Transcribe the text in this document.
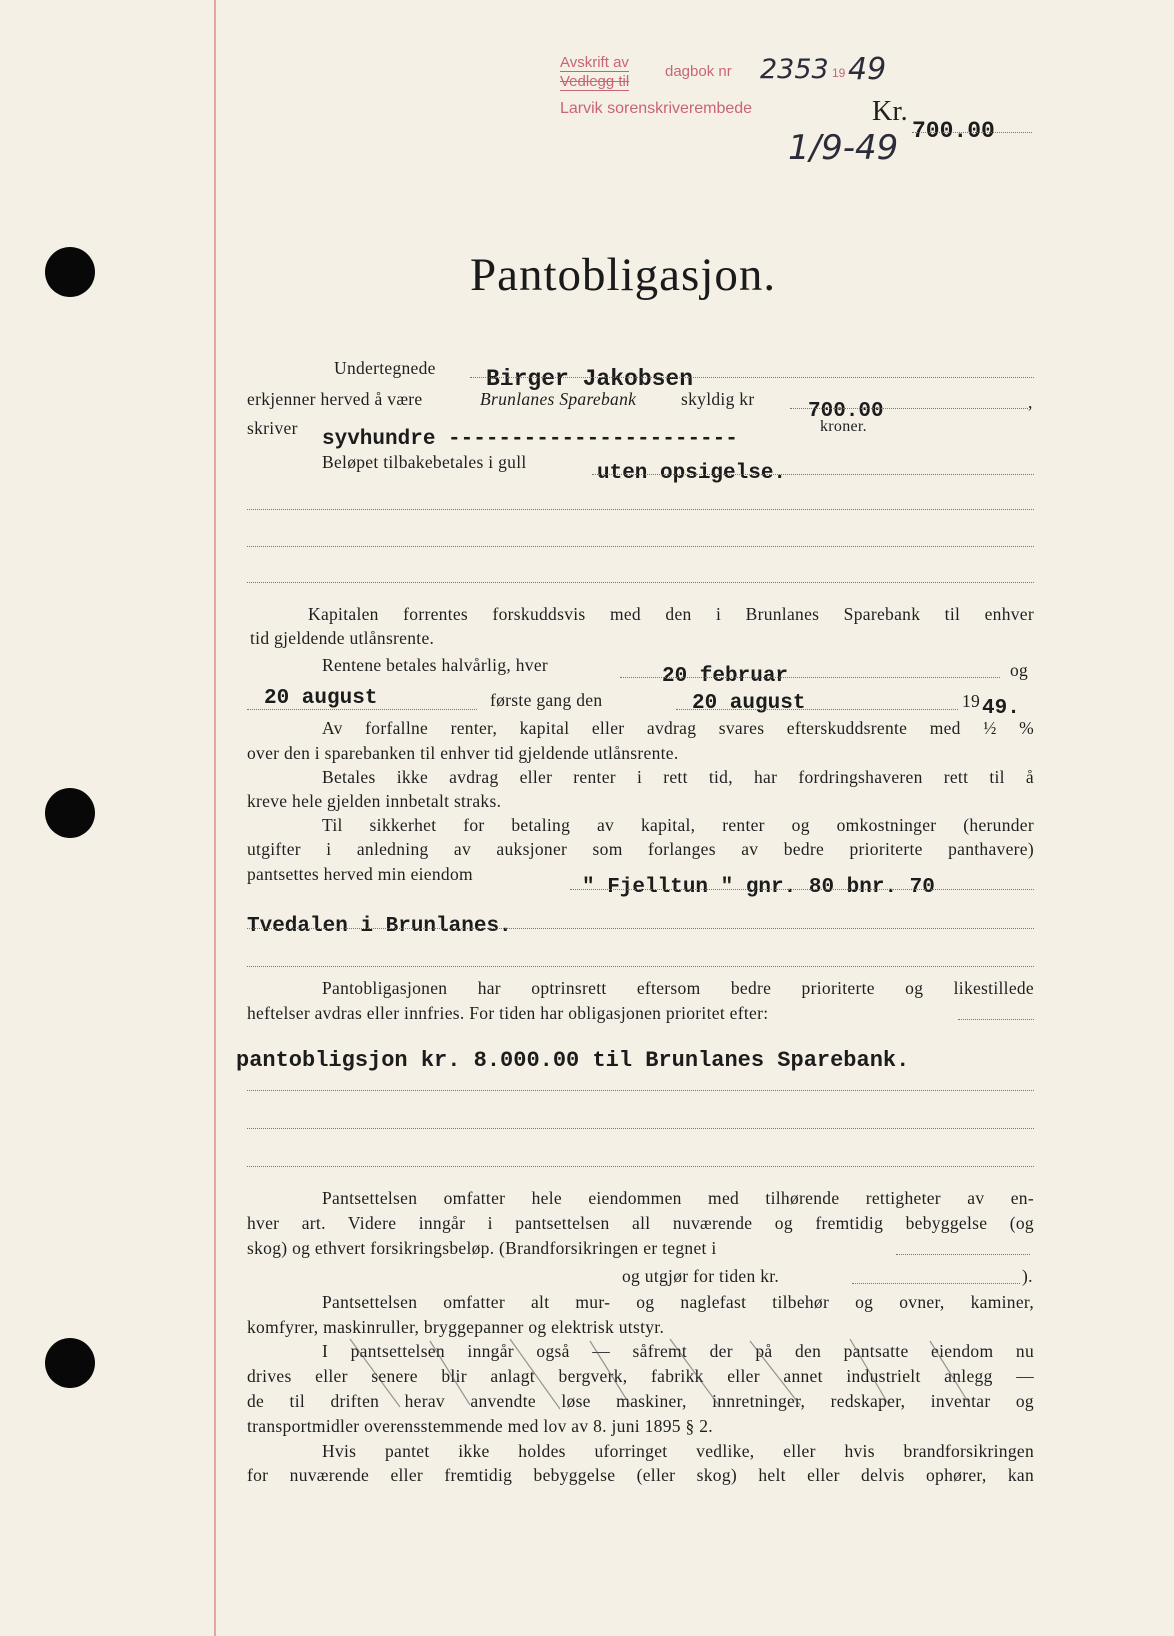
Avskrift av
Vedlegg til
dagbok nr 2353 19 49
Larvik sorenskriverembede
1/9-49
Kr.
700.00
Pantobligasjon.
Undertegnede Birger Jakobsen
erkjenner herved å være	Brunlanes Sparebank	skyldig kr
700.00	,
skriver syvhundre -----------------------
kroner.
Beløpet tilbakebetales i gull	uten opsigelse.
Kapitalen forrentes forskuddsvis med den i Brunlanes Sparebank til enhver
tid gjeldende utlånsrente.
Rentene betales halvårlig, hver	20 februar	og
20 august	første gang den	20 august	19 49.
Av forfallne renter, kapital eller avdrag svares efterskuddsrente med ½ %
over den i sparebanken til enhver tid gjeldende utlånsrente.
Betales ikke avdrag eller renter i rett tid, har fordringshaveren rett til å
kreve hele gjelden innbetalt straks.
Til sikkerhet for betaling av kapital, renter og omkostninger (herunder
utgifter i anledning av auksjoner som forlanges av bedre prioriterte panthavere)
pantsettes herved min eiendom
" Fjelltun " gnr. 80 bnr. 70
Tvedalen i Brunlanes.
Pantobligasjonen har optrinsrett eftersom bedre prioriterte og likestillede
heftelser avdras eller innfries. For tiden har obligasjonen prioritet efter:
pantobligsjon kr. 8.000.00 til Brunlanes Sparebank.
Pantsettelsen omfatter hele eiendommen med tilhørende rettigheter av en-
hver art. Videre inngår i pantsettelsen all nuværende og fremtidig bebyggelse (og
skog) og ethvert forsikringsbeløp. (Brandforsikringen er tegnet i
og utgjør for tiden kr.	).
Pantsettelsen omfatter alt mur- og naglefast tilbehør og ovner, kaminer,
komfyrer, maskinruller, bryggepanner og elektrisk utstyr.
I pantsettelsen inngår også — såfremt der på den pantsatte eiendom nu
drives eller senere blir anlagt bergverk, fabrikk eller annet industrielt anlegg —
de til driften herav anvendte løse maskiner, innretninger, redskaper, inventar og
transportmidler overensstemmende med lov av 8. juni 1895 § 2.
Hvis pantet ikke holdes uforringet vedlike, eller hvis brandforsikringen
for nuværende eller fremtidig bebyggelse (eller skog) helt eller delvis ophører, kan
